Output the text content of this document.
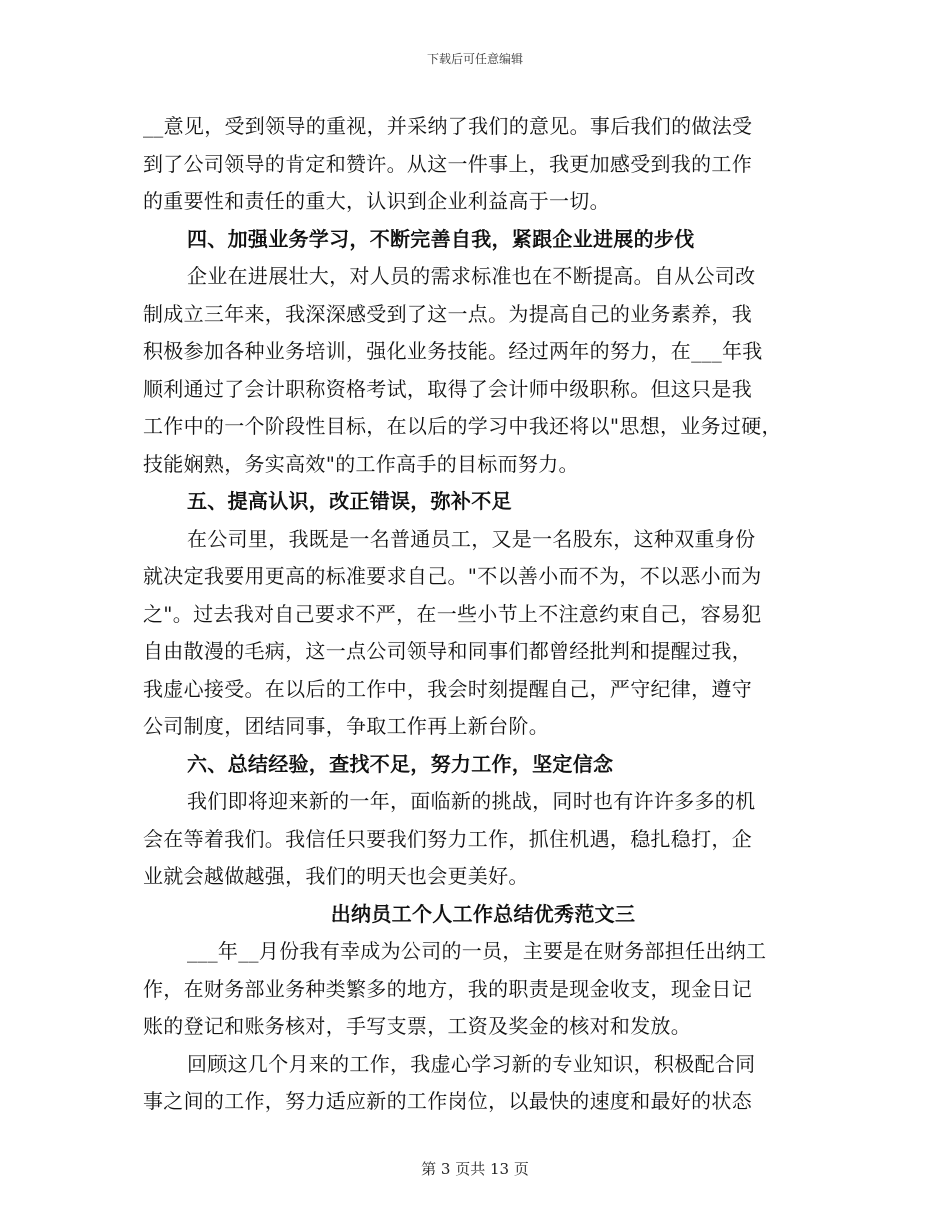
下载后可任意编辑
__意见，受到领导的重视，并采纳了我们的意见。事后我们的做法受
到了公司领导的肯定和赞许。从这一件事上，我更加感受到我的工作
的重要性和责任的重大，认识到企业利益高于一切。
四、加强业务学习，不断完善自我，紧跟企业进展的步伐
企业在进展壮大，对人员的需求标准也在不断提高。自从公司改
制成立三年来，我深深感受到了这一点。为提高自己的业务素养，我
积极参加各种业务培训，强化业务技能。经过两年的努力，在___年我
顺利通过了会计职称资格考试，取得了会计师中级职称。但这只是我
工作中的一个阶段性目标，在以后的学习中我还将以"思想，业务过硬，
技能娴熟，务实高效"的工作高手的目标而努力。
五、提高认识，改正错误，弥补不足
在公司里，我既是一名普通员工，又是一名股东，这种双重身份
就决定我要用更高的标准要求自己。"不以善小而不为，不以恶小而为
之"。过去我对自己要求不严，在一些小节上不注意约束自己，容易犯
自由散漫的毛病，这一点公司领导和同事们都曾经批判和提醒过我，
我虚心接受。在以后的工作中，我会时刻提醒自己，严守纪律，遵守
公司制度，团结同事，争取工作再上新台阶。
六、总结经验，查找不足，努力工作，坚定信念
我们即将迎来新的一年，面临新的挑战，同时也有许许多多的机
会在等着我们。我信任只要我们努力工作，抓住机遇，稳扎稳打，企
业就会越做越强，我们的明天也会更美好。
出纳员工个人工作总结优秀范文三
___年__月份我有幸成为公司的一员，主要是在财务部担任出纳工
作，在财务部业务种类繁多的地方，我的职责是现金收支，现金日记
账的登记和账务核对，手写支票，工资及奖金的核对和发放。
回顾这几个月来的工作，我虚心学习新的专业知识，积极配合同
事之间的工作，努力适应新的工作岗位，以最快的速度和最好的状态
第 3 页共 13 页
